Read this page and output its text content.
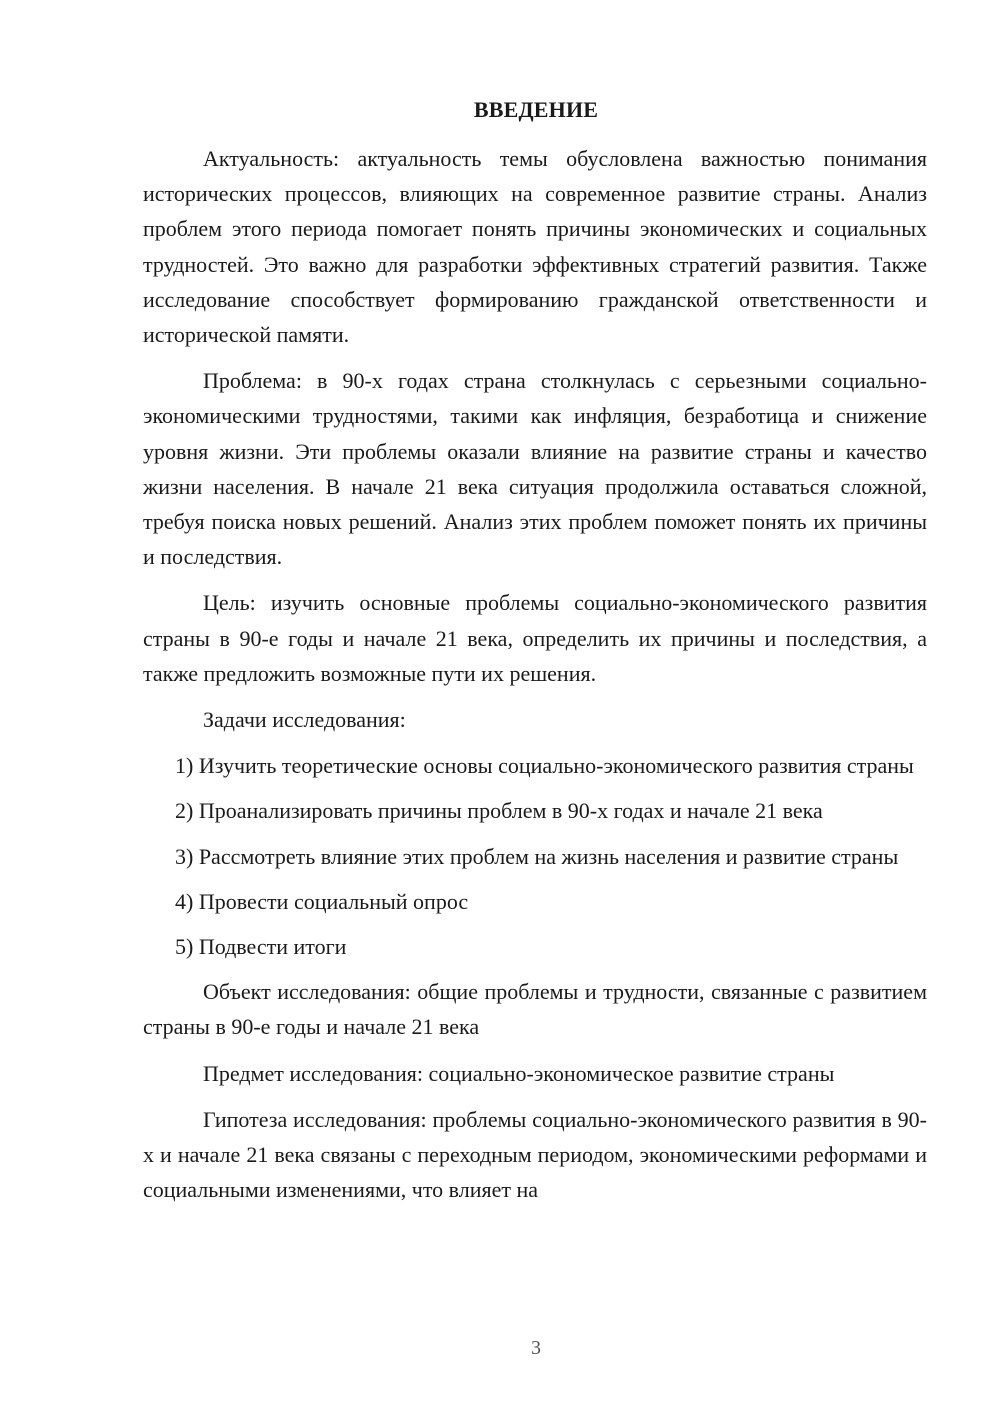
ВВЕДЕНИЕ

Актуальность: актуальность темы обусловлена важностью понимания исторических процессов, влияющих на современное развитие страны. Анализ проблем этого периода помогает понять причины экономических и социальных трудностей. Это важно для разработки эффективных стратегий развития. Также исследование способствует формированию гражданской ответственности и исторической памяти.

Проблема: в 90-х годах страна столкнулась с серьезными социально-экономическими трудностями, такими как инфляция, безработица и снижение уровня жизни. Эти проблемы оказали влияние на развитие страны и качество жизни населения. В начале 21 века ситуация продолжила оставаться сложной, требуя поиска новых решений. Анализ этих проблем поможет понять их причины и последствия.

Цель: изучить основные проблемы социально-экономического развития страны в 90-е годы и начале 21 века, определить их причины и последствия, а также предложить возможные пути их решения.

Задачи исследования:

1) Изучить теоретические основы социально-экономического развития страны

2) Проанализировать причины проблем в 90-х годах и начале 21 века

3) Рассмотреть влияние этих проблем на жизнь населения и развитие страны

4) Провести социальный опрос

5) Подвести итоги

Объект исследования: общие проблемы и трудности, связанные с развитием страны в 90-е годы и начале 21 века

Предмет исследования: социально-экономическое развитие страны

Гипотеза исследования: проблемы социально-экономического развития в 90-х и начале 21 века связаны с переходным периодом, экономическими реформами и социальными изменениями, что влияет на

3
